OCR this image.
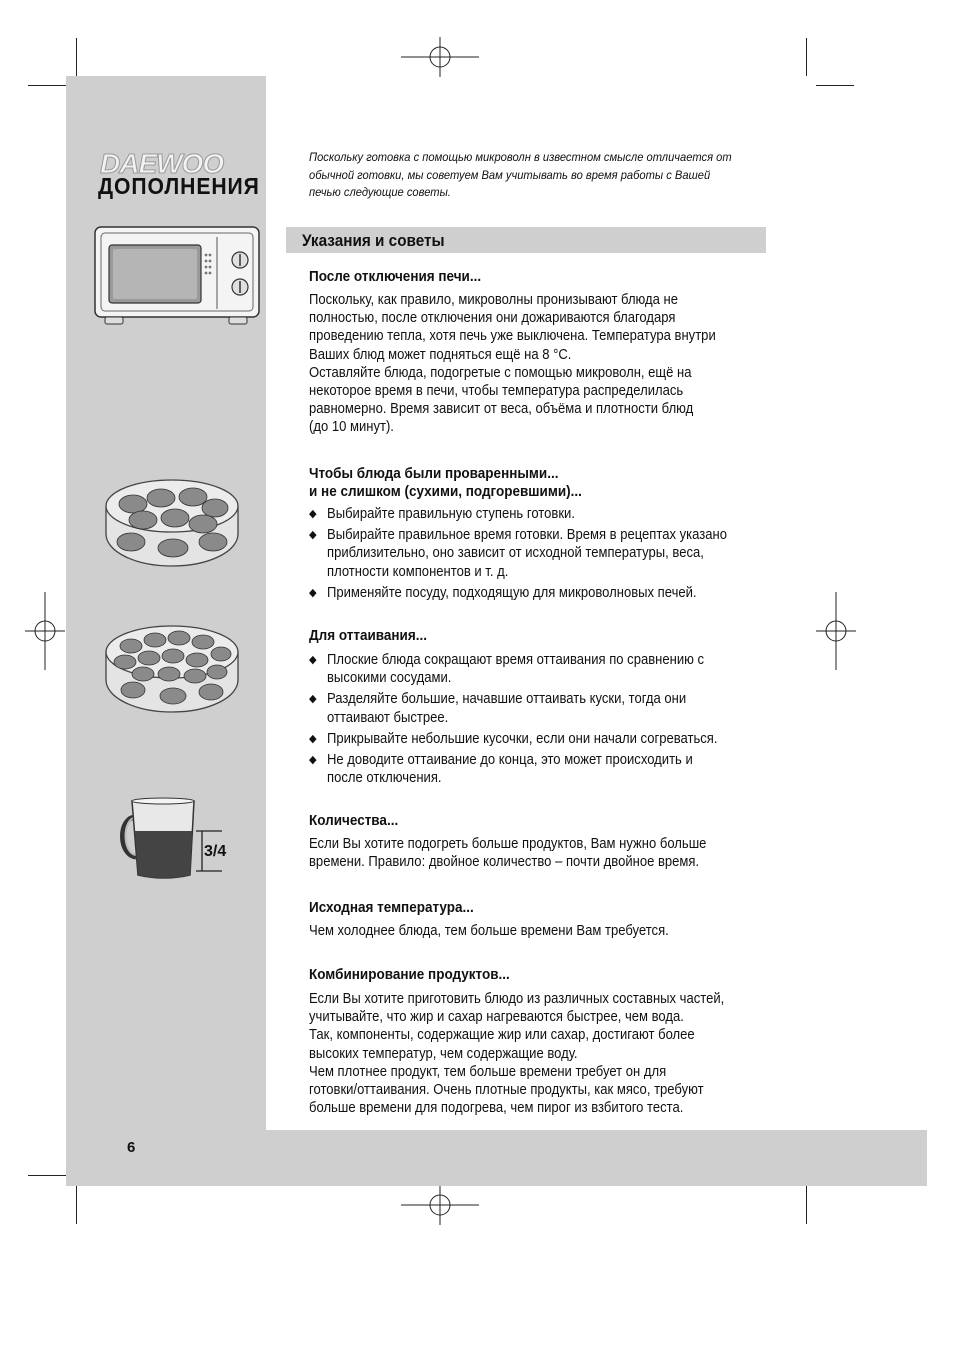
DAEWOO
ДОПОЛНЕНИЯ
3/4
6
Поскольку готовка с помощью микроволн в известном смысле отличается от обычной готовки, мы советуем Вам учитывать во время работы с Вашей печью следующие советы.
Указания и советы
После отключения печи...
Поскольку, как правило, микроволны пронизывают блюда не
полностью, после отключения они дожариваются благодаря
проведению тепла, хотя печь уже выключена. Температура внутри
Ваших блюд может подняться ещё на 8 °C.
Оставляйте блюда, подогретые с помощью микроволн, ещё на
некоторое время в печи, чтобы температура распределилась
равномерно. Время зависит от веса, объёма и плотности блюд
(до 10 минут).
Чтобы блюда были проваренными...
и не слишком (сухими, подгоревшими)...
◆ Выбирайте правильную ступень готовки.
◆ Выбирайте правильное время готовки. Время в рецептах указано
приблизительно, оно зависит от исходной температуры, веса,
плотности компонентов и т. д.
◆ Применяйте посуду, подходящую для микроволновых печей.
Для оттаивания...
◆ Плоские блюда сокращают время оттаивания по сравнению с
высокими сосудами.
◆ Разделяйте большие, начавшие оттаивать куски, тогда они
оттаивают быстрее.
◆ Прикрывайте небольшие кусочки, если они начали согреваться.
◆ Не доводите оттаивание до конца, это может происходить и
после отключения.
Количества...
Если Вы хотите подогреть больше продуктов, Вам нужно больше
времени. Правило: двойное количество – почти двойное время.
Исходная температура...
Чем холоднее блюда, тем больше времени Вам требуется.
Комбинирование продуктов...
Если Вы хотите приготовить блюдо из различных составных частей,
учитывайте, что жир и сахар нагреваются быстрее, чем вода.
Так, компоненты, содержащие жир или сахар, достигают более
высоких температур, чем содержащие воду.
Чем плотнее продукт, тем больше времени требует он для
готовки/оттаивания. Очень плотные продукты, как мясо, требуют
больше времени для подогрева, чем пирог из взбитого теста.
